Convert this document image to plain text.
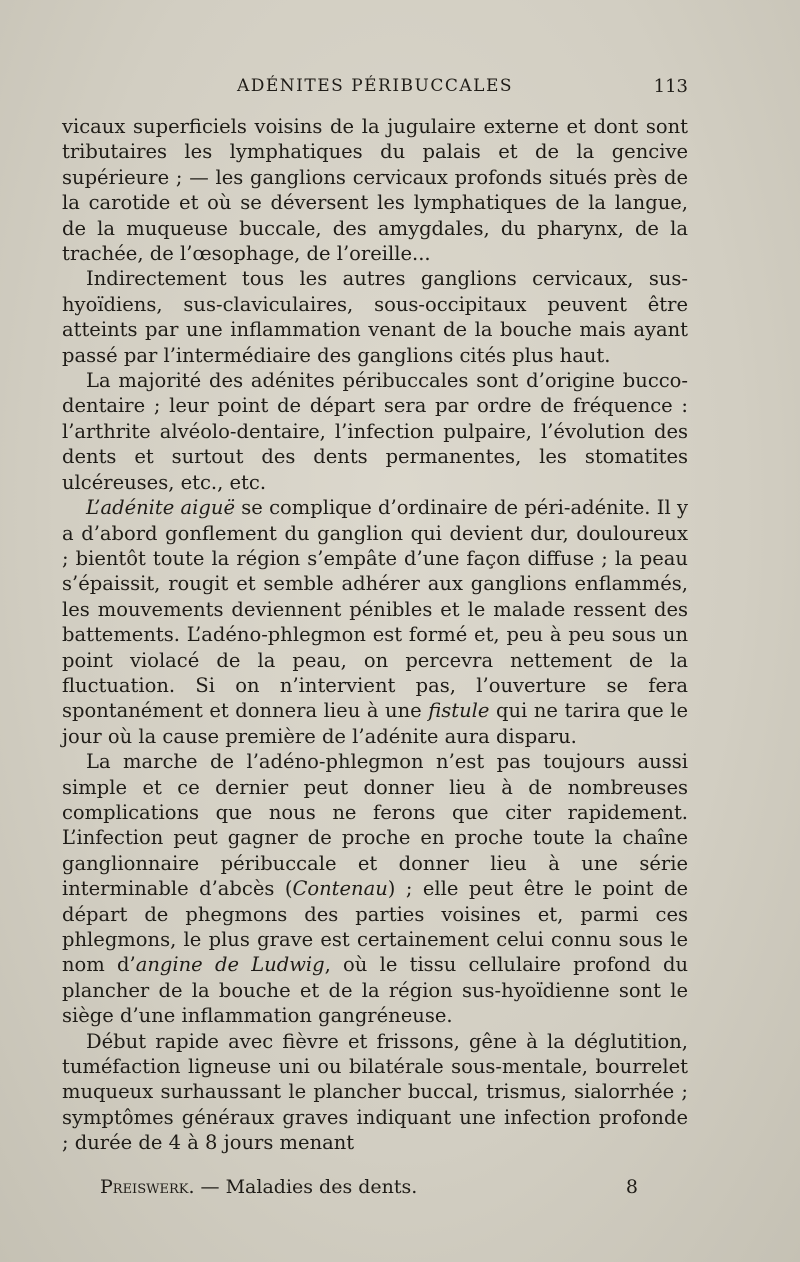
ADÉNITES PÉRIBUCCALES	113

vicaux superficiels voisins de la jugulaire externe et dont sont tributaires les lymphatiques du palais et de la gencive supérieure ; — les ganglions cervicaux profonds situés près de la carotide et où se déversent les lymphatiques de la langue, de la muqueuse buccale, des amygdales, du pharynx, de la trachée, de l’œsophage, de l’oreille...

Indirectement tous les autres ganglions cervicaux, sus-hyoïdiens, sus-claviculaires, sous-occipitaux peuvent être atteints par une inflammation venant de la bouche mais ayant passé par l’intermédiaire des ganglions cités plus haut.

La majorité des adénites péribuccales sont d’origine bucco-dentaire ; leur point de départ sera par ordre de fréquence : l’arthrite alvéolo-dentaire, l’infection pulpaire, l’évolution des dents et surtout des dents permanentes, les stomatites ulcéreuses, etc., etc.

L’adénite aiguë se complique d’ordinaire de péri-adénite. Il y a d’abord gonflement du ganglion qui devient dur, douloureux ; bientôt toute la région s’empâte d’une façon diffuse ; la peau s’épaissit, rougit et semble adhérer aux ganglions enflammés, les mouvements deviennent pénibles et le malade ressent des battements. L’adéno-phlegmon est formé et, peu à peu sous un point violacé de la peau, on percevra nettement de la fluctuation. Si on n’intervient pas, l’ouverture se fera spontanément et donnera lieu à une fistule qui ne tarira que le jour où la cause première de l’adénite aura disparu.

La marche de l’adéno-phlegmon n’est pas toujours aussi simple et ce dernier peut donner lieu à de nombreuses complications que nous ne ferons que citer rapidement. L’infection peut gagner de proche en proche toute la chaîne ganglionnaire péribuccale et donner lieu à une série interminable d’abcès (Contenau) ; elle peut être le point de départ de phegmons des parties voisines et, parmi ces phlegmons, le plus grave est certainement celui connu sous le nom d’angine de Ludwig, où le tissu cellulaire profond du plancher de la bouche et de la région sus-hyoïdienne sont le siège d’une inflammation gangréneuse.

Début rapide avec fièvre et frissons, gêne à la déglutition, tuméfaction ligneuse uni ou bilatérale sous-mentale, bourrelet muqueux surhaussant le plancher buccal, trismus, sialorrhée ; symptômes généraux graves indiquant une infection profonde ; durée de 4 à 8 jours menant

Preiswerk. — Maladies des dents.	8
